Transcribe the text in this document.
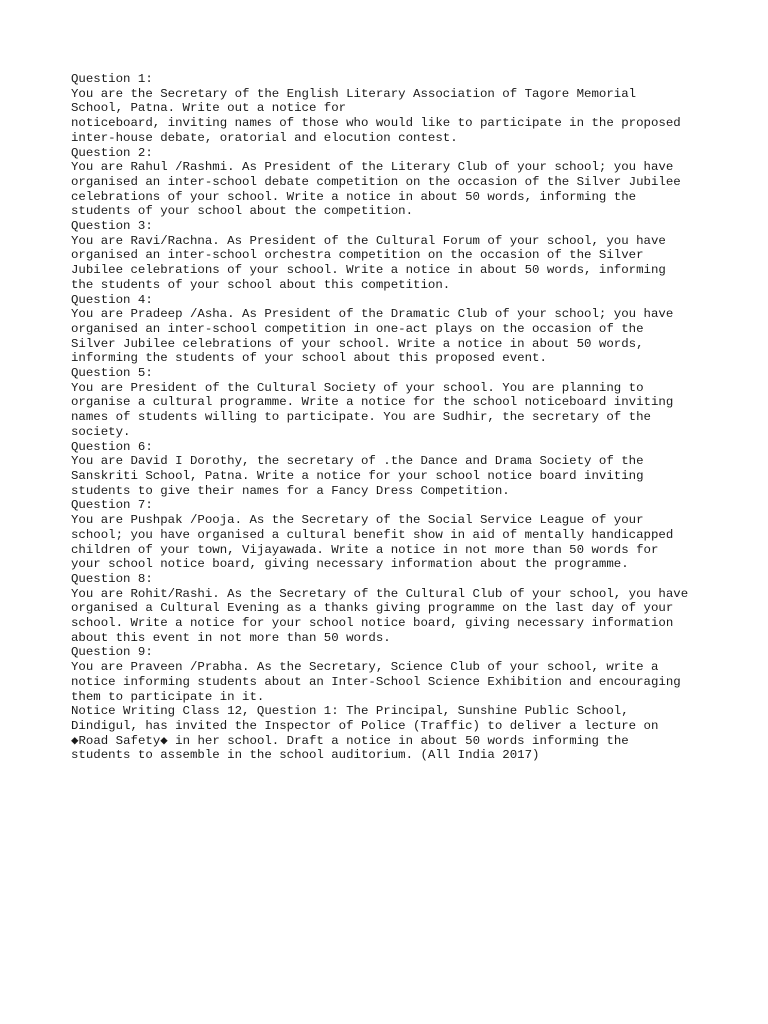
Question 1:
You are the Secretary of the English Literary Association of Tagore Memorial
School, Patna. Write out a notice for
noticeboard, inviting names of those who would like to participate in the proposed
inter-house debate, oratorial and elocution contest.
Question 2:
You are Rahul /Rashmi. As President of the Literary Club of your school; you have
organised an inter-school debate competition on the occasion of the Silver Jubilee
celebrations of your school. Write a notice in about 50 words, informing the
students of your school about the competition.
Question 3:
You are Ravi/Rachna. As President of the Cultural Forum of your school, you have
organised an inter-school orchestra competition on the occasion of the Silver
Jubilee celebrations of your school. Write a notice in about 50 words, informing
the students of your school about this competition.
Question 4:
You are Pradeep /Asha. As President of the Dramatic Club of your school; you have
organised an inter-school competition in one-act plays on the occasion of the
Silver Jubilee celebrations of your school. Write a notice in about 50 words,
informing the students of your school about this proposed event.
Question 5:
You are President of the Cultural Society of your school. You are planning to
organise a cultural programme. Write a notice for the school noticeboard inviting
names of students willing to participate. You are Sudhir, the secretary of the
society.
Question 6:
You are David I Dorothy, the secretary of .the Dance and Drama Society of the
Sanskriti School, Patna. Write a notice for your school notice board inviting
students to give their names for a Fancy Dress Competition.
Question 7:
You are Pushpak /Pooja. As the Secretary of the Social Service League of your
school; you have organised a cultural benefit show in aid of mentally handicapped
children of your town, Vijayawada. Write a notice in not more than 50 words for
your school notice board, giving necessary information about the programme.
Question 8:
You are Rohit/Rashi. As the Secretary of the Cultural Club of your school, you have
organised a Cultural Evening as a thanks giving programme on the last day of your
school. Write a notice for your school notice board, giving necessary information
about this event in not more than 50 words.
Question 9:
You are Praveen /Prabha. As the Secretary, Science Club of your school, write a
notice informing students about an Inter-School Science Exhibition and encouraging
them to participate in it.
Notice Writing Class 12, Question 1: The Principal, Sunshine Public School,
Dindigul, has invited the Inspector of Police (Traffic) to deliver a lecture on
◆Road Safety◆ in her school. Draft a notice in about 50 words informing the
students to assemble in the school auditorium. (All India 2017)
